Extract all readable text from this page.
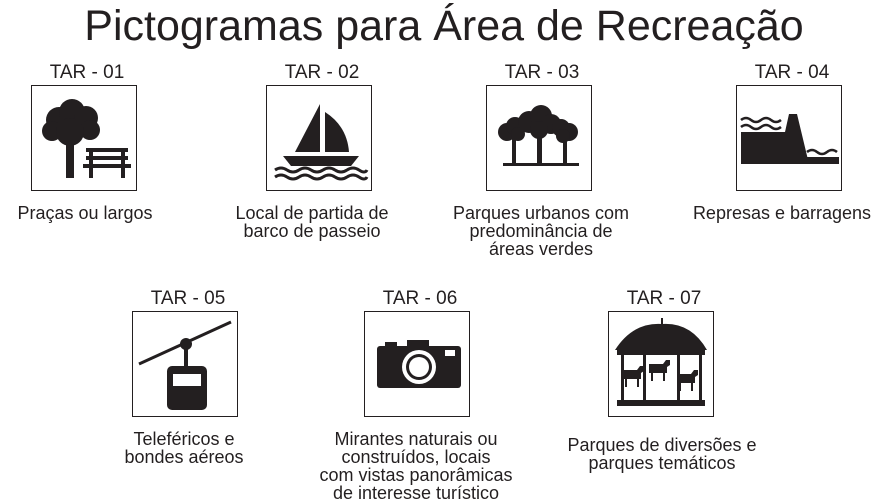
Pictogramas para Área de Recreação
TAR - 01
Praças ou largos
TAR - 02
Local de partida de
barco de passeio
TAR - 03
Parques urbanos com
predominância de
áreas verdes
TAR - 04
Represas e barragens
TAR - 05
Teleféricos e
bondes aéreos
TAR - 06
Mirantes naturais ou
construídos, locais
com vistas panorâmicas
de interesse turístico
TAR - 07
Parques de diversões e
parques temáticos
